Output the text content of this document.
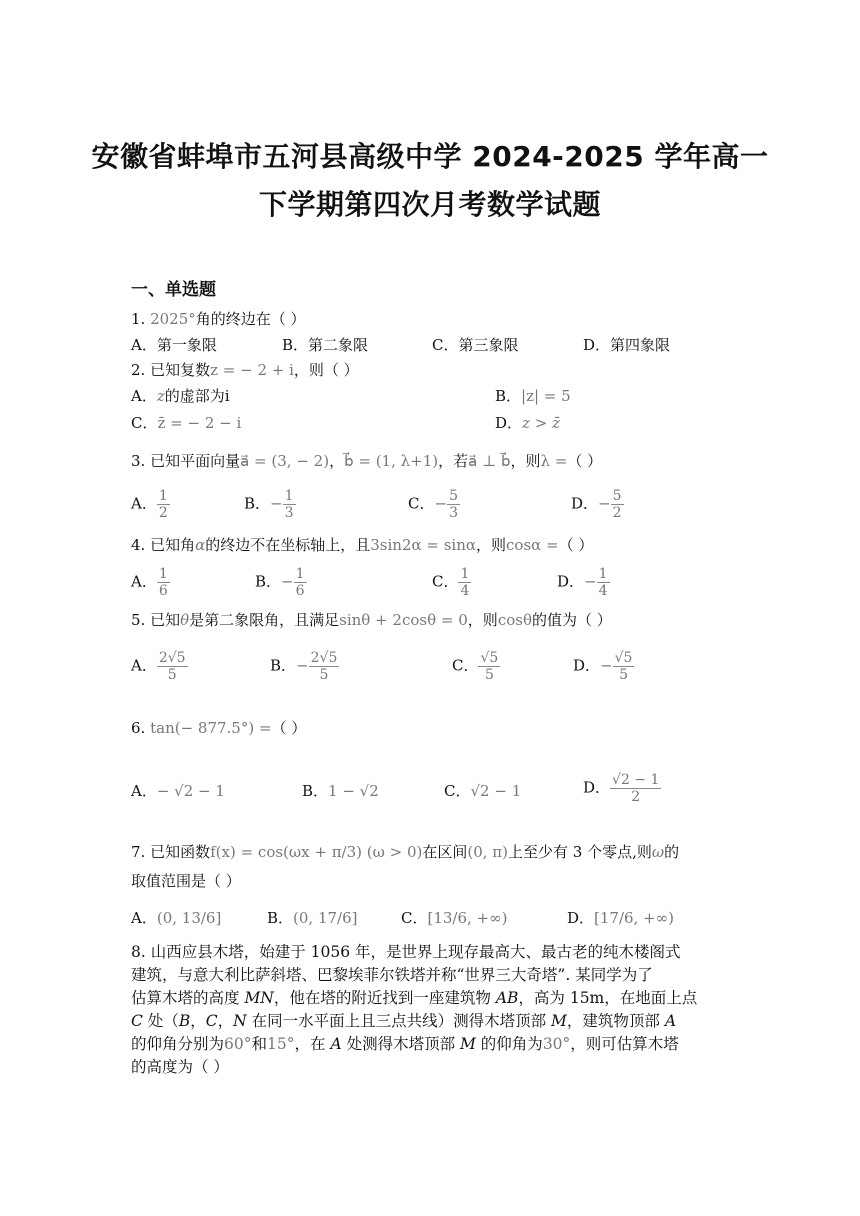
安徽省蚌埠市五河县高级中学 2024-2025 学年高一
下学期第四次月考数学试题
一、单选题
1. 2025°角的终边在（ ）
A．第一象限	B．第二象限	C．第三象限	D．第四象限
2. 已知复数z = − 2 + i，则（ ）
A．z的虚部为i	B．|z| = 5
C．z̄ = − 2 − i	D．z > z̄
3. 已知平面向量a⃗ = (3, − 2)，b⃗ = (1, λ+1)，若a⃗ ⊥ b⃗，则λ =（ ）
A． $\frac{1}{2}$	B．− $\frac{1}{3}$	C．− $\frac{5}{3}$	D．− $\frac{5}{2}$
4. 已知角α的终边不在坐标轴上，且3sin2α = sinα，则cosα =（ ）
A． $\frac{1}{6}$	B．− $\frac{1}{6}$	C． $\frac{1}{4}$	D．− $\frac{1}{4}$
5. 已知θ是第二象限角，且满足sinθ + 2cosθ = 0，则cosθ的值为（ ）
A． $\frac{2√5}{5}$	B．− $\frac{2√5}{5}$	C． $\frac{√5}{5}$	D．− $\frac{√5}{5}$
6. tan(− 877.5°) =（ ）
A．− √2 − 1	B．1 − √2	C．√2 − 1	D． $\frac{√2 - 1}{2}$
7. 已知函数f(x) = cos(ωx + π/3) (ω > 0)在区间(0, π)上至少有 3 个零点,则ω的
取值范围是（ ）
A．(0, 13/6]	B．(0, 17/6]	C．[13/6, +∞)	D．[17/6, +∞)
8. 山西应县木塔，始建于 1056 年，是世界上现存最高大、最古老的纯木楼阁式
建筑，与意大利比萨斜塔、巴黎埃菲尔铁塔并称“世界三大奇塔”. 某同学为了
估算木塔的高度 MN，他在塔的附近找到一座建筑物 AB，高为 15m，在地面上点
C 处（B，C，N 在同一水平面上且三点共线）测得木塔顶部 M，建筑物顶部 A
的仰角分别为60°和15°，在 A 处测得木塔顶部 M 的仰角为30°，则可估算木塔
的高度为（ ）
